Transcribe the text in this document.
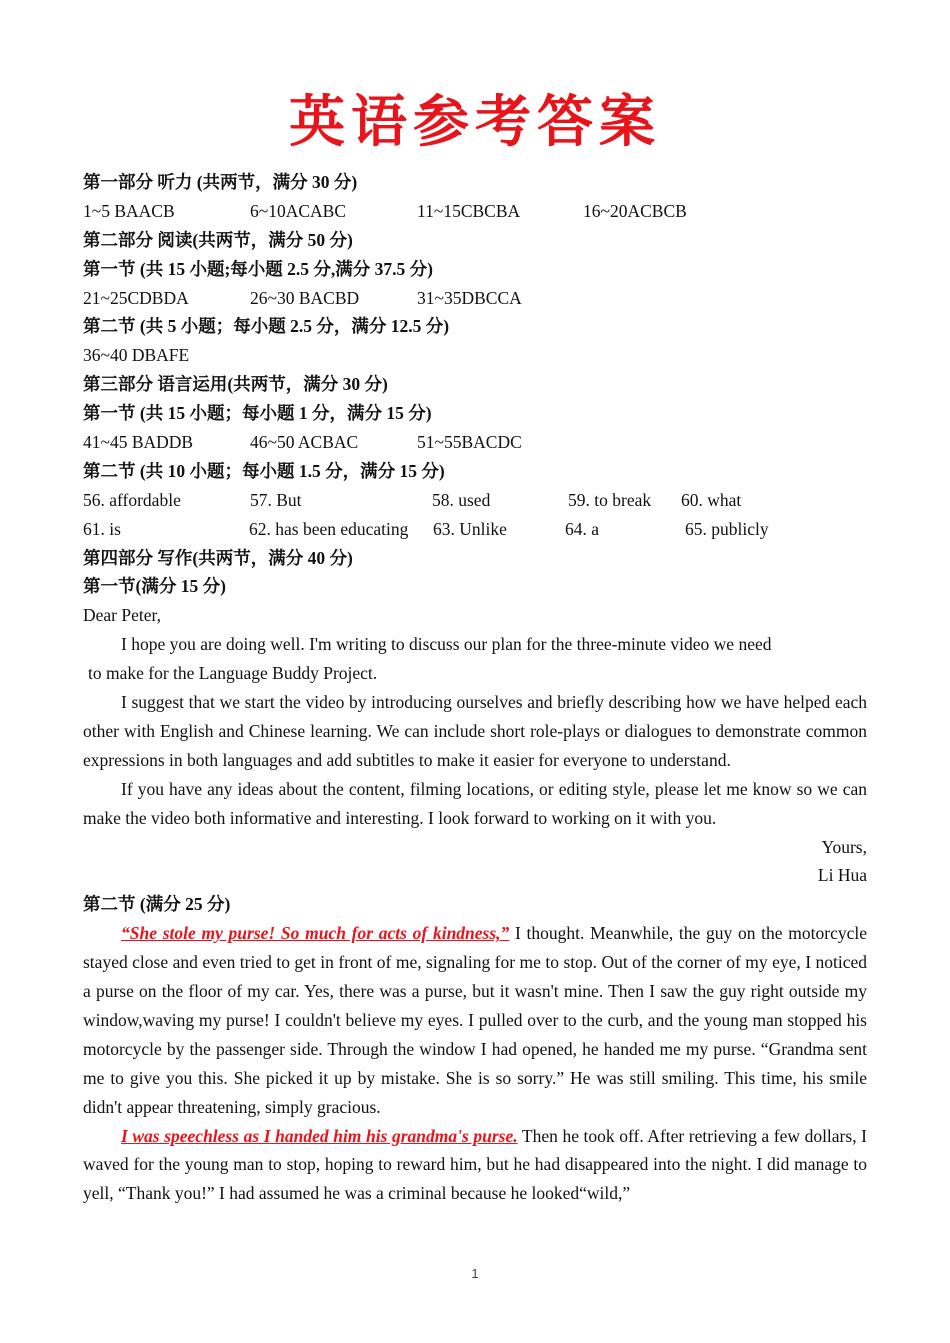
英语参考答案
第一部分 听力 (共两节，满分 30 分)
1~5 BAACB	6~10ACABC	11~15CBCBA	16~20ACBCB
第二部分 阅读(共两节，满分 50 分)
第一节 (共 15 小题;每小题 2.5 分,满分 37.5 分)
21~25CDBDA	26~30 BACBD	31~35DBCCA
第二节 (共 5 小题；每小题 2.5 分，满分 12.5 分)
36~40 DBAFE
第三部分 语言运用(共两节，满分 30 分)
第一节 (共 15 小题；每小题 1 分，满分 15 分)
41~45 BADDB	46~50 ACBAC	51~55BACDC
第二节 (共 10 小题；每小题 1.5 分，满分 15 分)
56. affordable	57. But	58. used	59. to break 60. what
61. is	62. has been educating 63. Unlike	64. a	65. publicly
第四部分 写作(共两节，满分 40 分)
第一节(满分 15 分)
Dear Peter,
I hope you are doing well. I'm writing to discuss our plan for the three-minute video we need
to make for the Language Buddy Project.

I suggest that we start the video by introducing ourselves and briefly describing how we have helped each other with English and Chinese learning. We can include short role-plays or dialogues to demonstrate common expressions in both languages and add subtitles to make it easier for everyone to understand.

If you have any ideas about the content, filming locations, or editing style, please let me know so we can make the video both informative and interesting. I look forward to working on it with you.

Yours,
Li Hua
第二节 (满分 25 分)

“She stole my purse! So much for acts of kindness,” I thought. Meanwhile, the guy on the motorcycle stayed close and even tried to get in front of me, signaling for me to stop. Out of the corner of my eye, I noticed a purse on the floor of my car. Yes, there was a purse, but it wasn't mine. Then I saw the guy right outside my window,waving my purse! I couldn't believe my eyes. I pulled over to the curb, and the young man stopped his motorcycle by the passenger side. Through the window I had opened, he handed me my purse. “Grandma sent me to give you this. She picked it up by mistake. She is so sorry.” He was still smiling. This time, his smile didn't appear threatening, simply gracious.

I was speechless as I handed him his grandma's purse. Then he took off. After retrieving a few dollars, I waved for the young man to stop, hoping to reward him, but he had disappeared into the night. I did manage to yell, “Thank you!” I had assumed he was a criminal because he looked“wild,”

1
